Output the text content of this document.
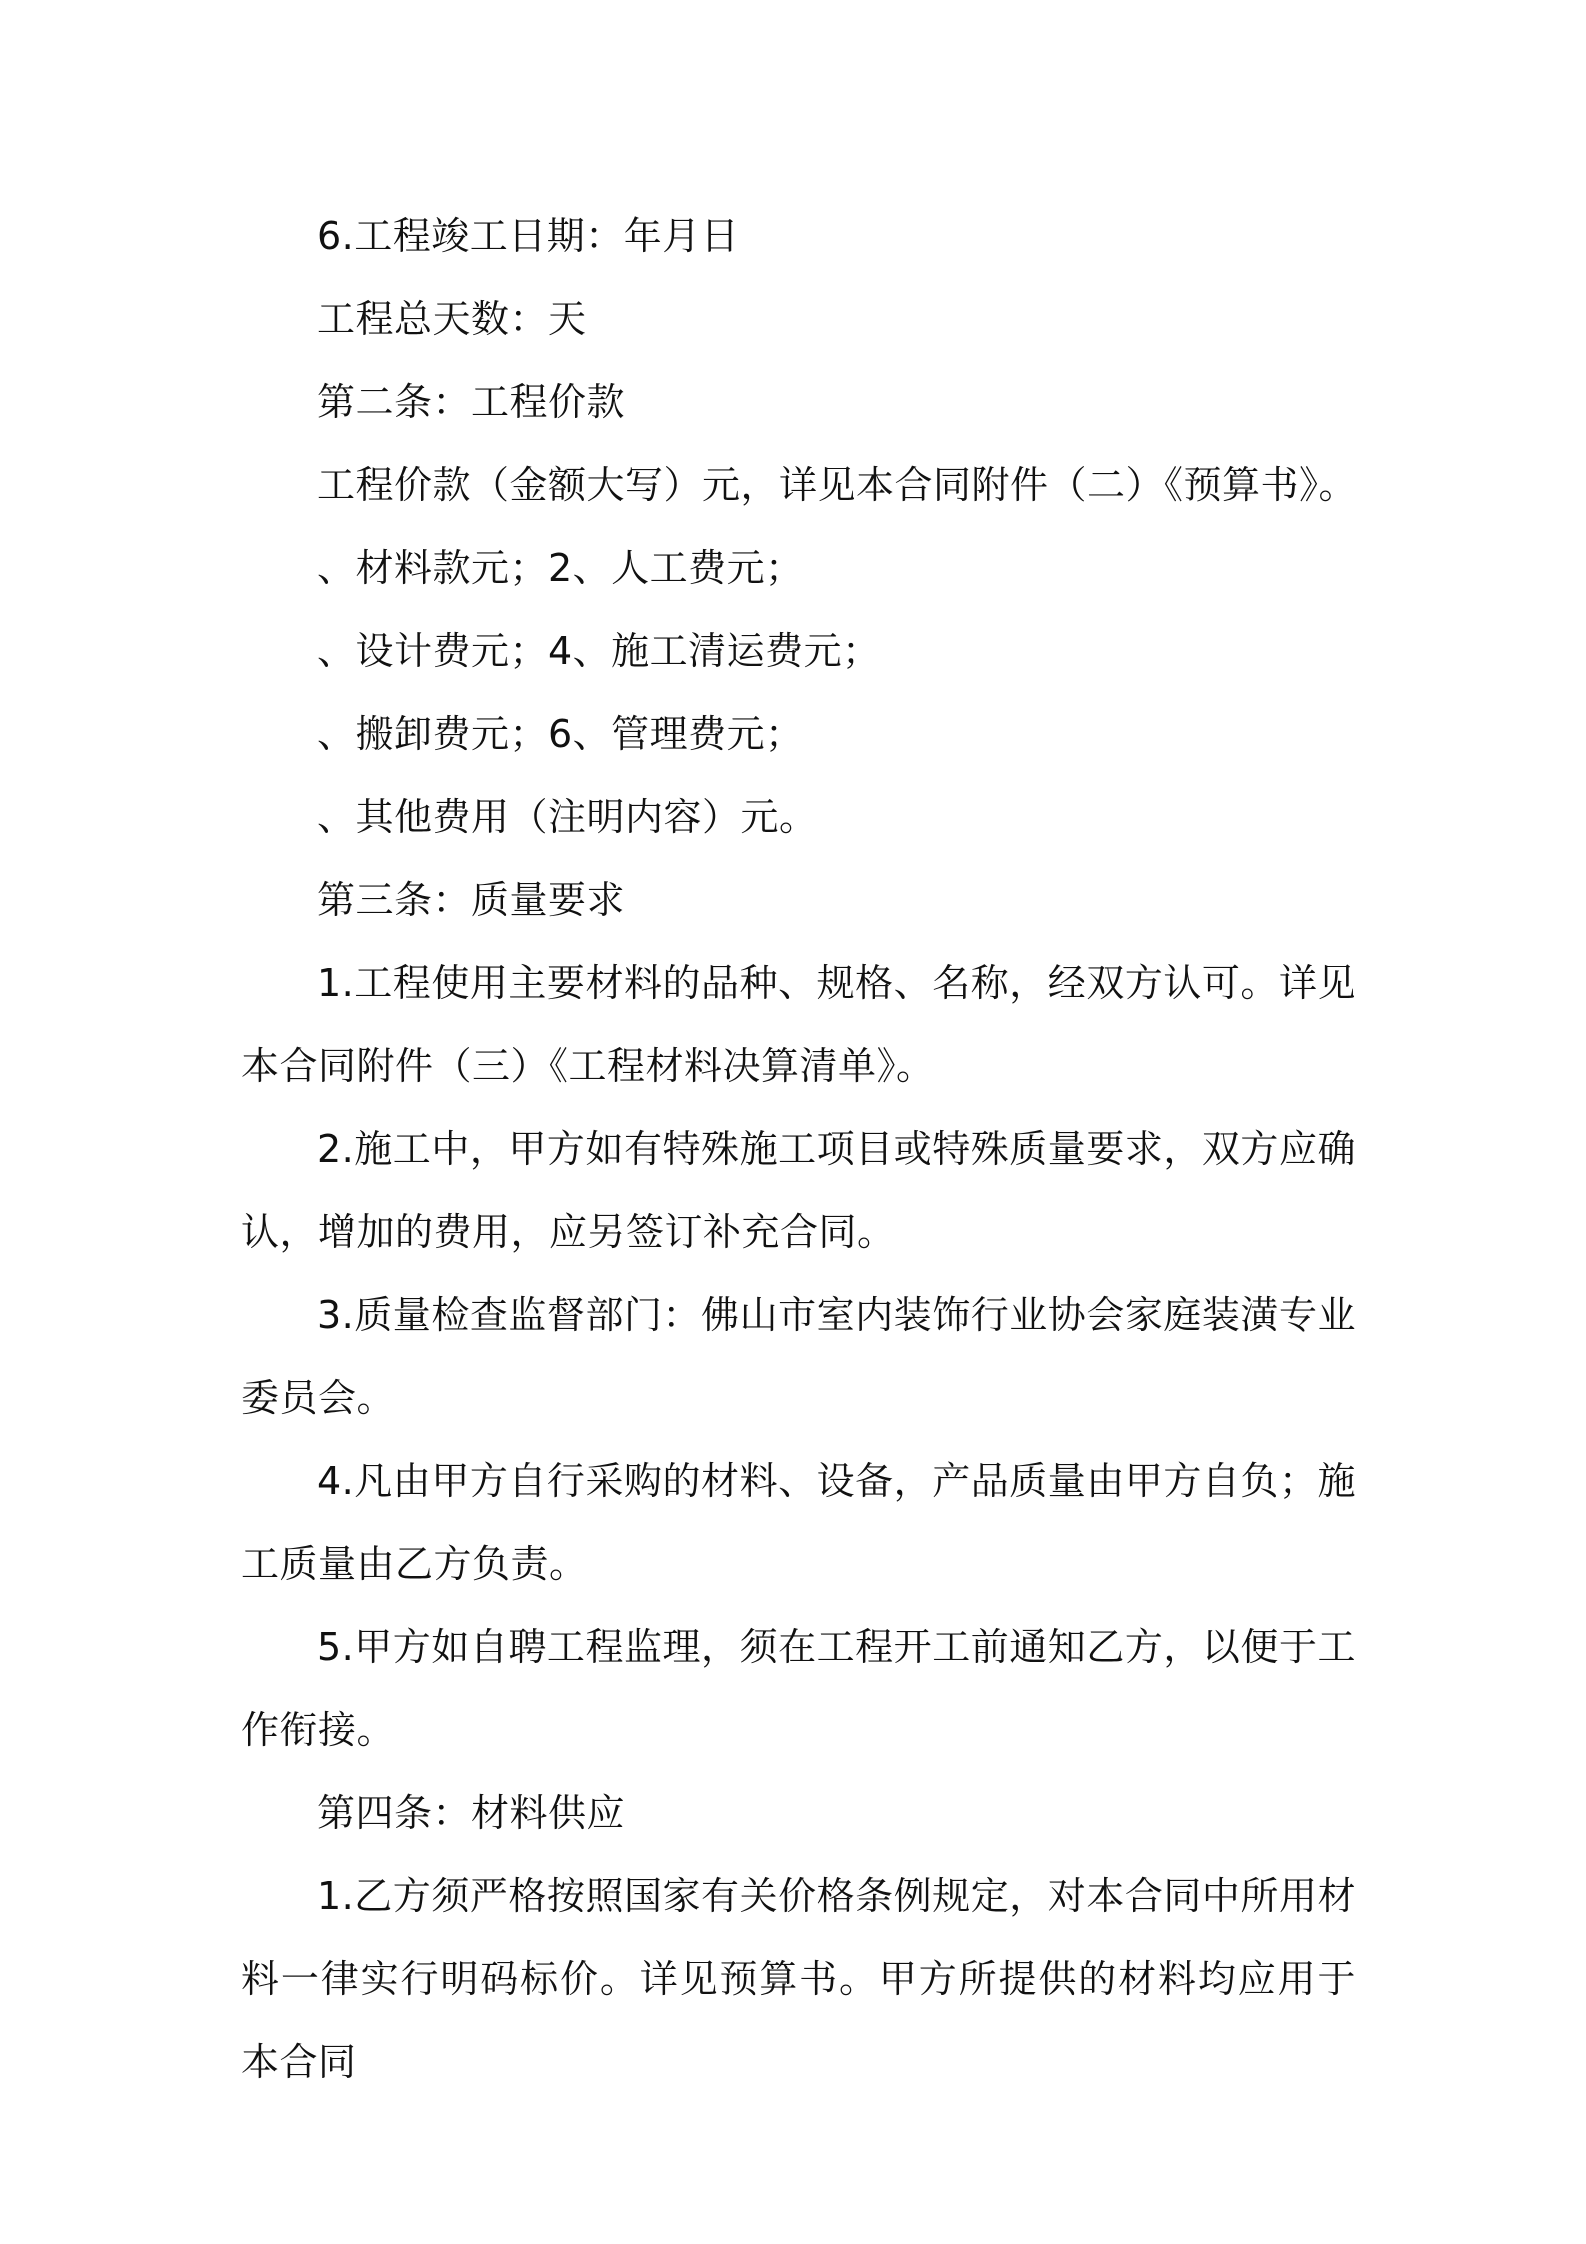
6.工程竣工日期：年月日

工程总天数：天

第二条：工程价款

工程价款（金额大写）元，详见本合同附件（二）《预算书》。

、材料款元；2、人工费元；

、设计费元；4、施工清运费元；

、搬卸费元；6、管理费元；

、其他费用（注明内容）元。

第三条：质量要求

1.工程使用主要材料的品种、规格、名称，经双方认可。详见本合同附件（三）《工程材料决算清单》。

2.施工中，甲方如有特殊施工项目或特殊质量要求，双方应确认，增加的费用，应另签订补充合同。

3.质量检查监督部门：佛山市室内装饰行业协会家庭装潢专业委员会。

4.凡由甲方自行采购的材料、设备，产品质量由甲方自负；施工质量由乙方负责。

5.甲方如自聘工程监理，须在工程开工前通知乙方，以便于工作衔接。

第四条：材料供应

1.乙方须严格按照国家有关价格条例规定，对本合同中所用材料一律实行明码标价。详见预算书。甲方所提供的材料均应用于本合同
